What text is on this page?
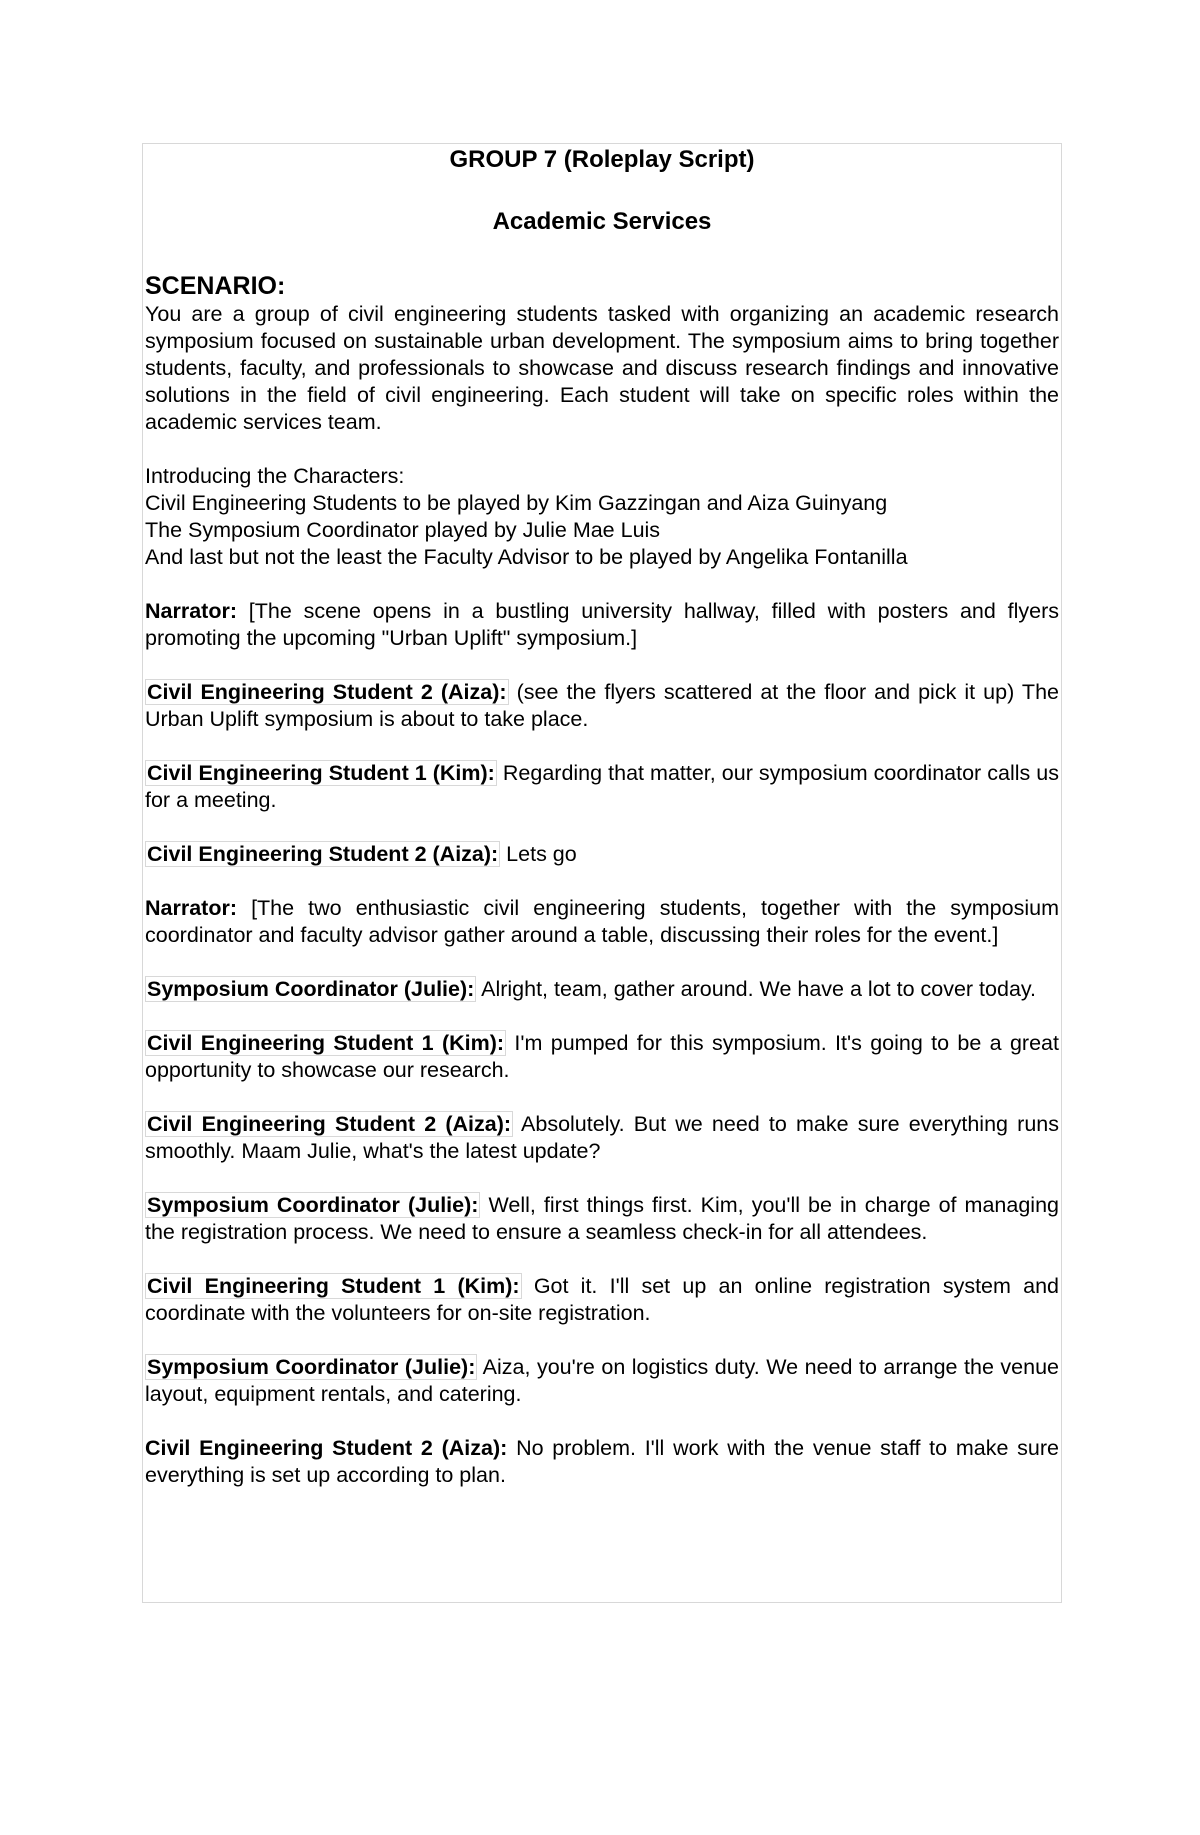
GROUP 7 (Roleplay Script)
Academic Services
SCENARIO:
You are a group of civil engineering students tasked with organizing an academic research symposium focused on sustainable urban development. The symposium aims to bring together students, faculty, and professionals to showcase and discuss research findings and innovative solutions in the field of civil engineering. Each student will take on specific roles within the academic services team.
Introducing the Characters:
Civil Engineering Students to be played by Kim Gazzingan and Aiza Guinyang
The Symposium Coordinator played by Julie Mae Luis
And last but not the least the Faculty Advisor to be played by Angelika Fontanilla
Narrator: [The scene opens in a bustling university hallway, filled with posters and flyers promoting the upcoming "Urban Uplift" symposium.]
Civil Engineering Student 2 (Aiza): (see the flyers scattered at the floor and pick it up) The Urban Uplift symposium is about to take place.
Civil Engineering Student 1 (Kim): Regarding that matter, our symposium coordinator calls us for a meeting.
Civil Engineering Student 2 (Aiza): Lets go
Narrator: [The two enthusiastic civil engineering students, together with the symposium coordinator and faculty advisor gather around a table, discussing their roles for the event.]
Symposium Coordinator (Julie): Alright, team, gather around. We have a lot to cover today.
Civil Engineering Student 1 (Kim): I'm pumped for this symposium. It's going to be a great opportunity to showcase our research.
Civil Engineering Student 2 (Aiza): Absolutely. But we need to make sure everything runs smoothly. Maam Julie, what's the latest update?
Symposium Coordinator (Julie): Well, first things first. Kim, you'll be in charge of managing the registration process. We need to ensure a seamless check-in for all attendees.
Civil Engineering Student 1 (Kim): Got it. I'll set up an online registration system and coordinate with the volunteers for on-site registration.
Symposium Coordinator (Julie): Aiza, you're on logistics duty. We need to arrange the venue layout, equipment rentals, and catering.
Civil Engineering Student 2 (Aiza): No problem. I'll work with the venue staff to make sure everything is set up according to plan.
